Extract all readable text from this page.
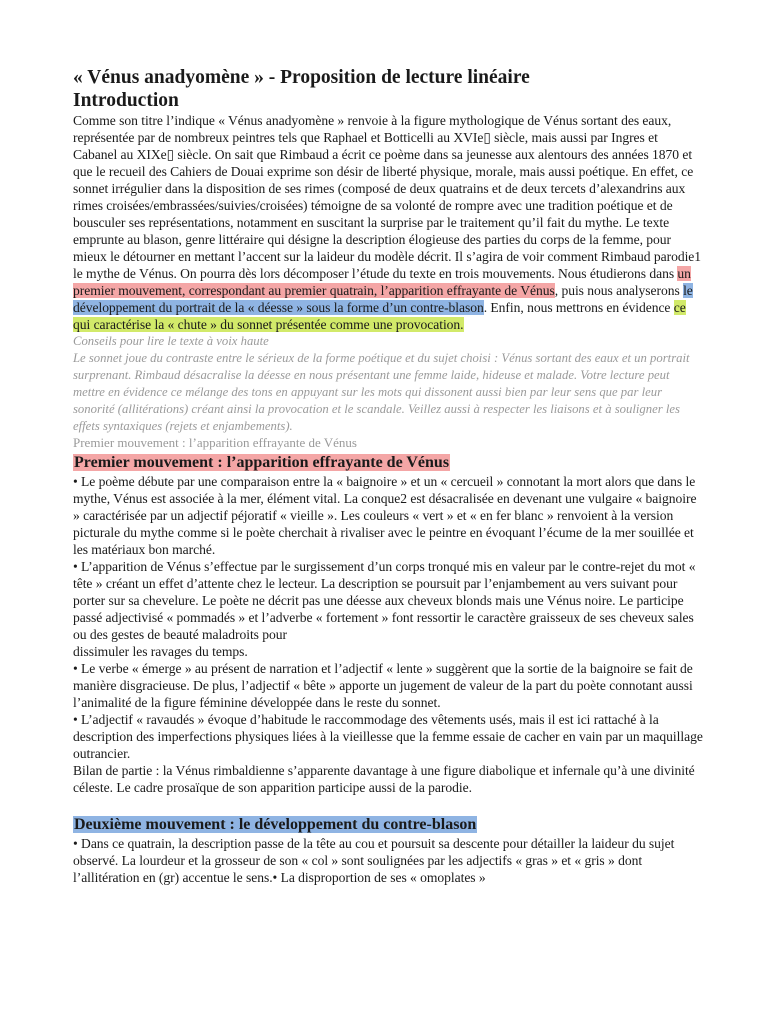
« Vénus anadyomène » - Proposition de lecture linéaire
Introduction

Comme son titre l’indique « Vénus anadyomène » renvoie à la figure mythologique de Vénus sortant des eaux, représentée par de nombreux peintres tels que Raphael et Botticelli au XVIe▯ siècle, mais aussi par Ingres et Cabanel au XIXe▯ siècle. On sait que Rimbaud a écrit ce poème dans sa jeunesse aux alentours des années 1870 et que le recueil des Cahiers de Douai exprime son désir de liberté physique, morale, mais aussi poétique. En effet, ce sonnet irrégulier dans la disposition de ses rimes (composé de deux quatrains et de deux tercets d’alexandrins aux rimes croisées/embrassées/suivies/croisées) témoigne de sa volonté de rompre avec une tradition poétique et de bousculer ses représentations, notamment en suscitant la surprise par le traitement qu’il fait du mythe. Le texte emprunte au blason, genre littéraire qui désigne la description élogieuse des parties du corps de la femme, pour mieux le détourner en mettant l’accent sur la laideur du modèle décrit. Il s’agira de voir comment Rimbaud parodie1 le mythe de Vénus. On pourra dès lors décomposer l’étude du texte en trois mouvements. Nous étudierons dans un premier mouvement, correspondant au premier quatrain, l’apparition effrayante de Vénus, puis nous analyserons le développement du portrait de la « déesse » sous la forme d’un contre-blason. Enfin, nous mettrons en évidence ce qui caractérise la « chute » du sonnet présentée comme une provocation.

Conseils pour lire le texte à voix haute

Le sonnet joue du contraste entre le sérieux de la forme poétique et du sujet choisi : Vénus sortant des eaux et un portrait surprenant. Rimbaud désacralise la déesse en nous présentant une femme laide, hideuse et malade. Votre lecture peut mettre en évidence ce mélange des tons en appuyant sur les mots qui dissonent aussi bien par leur sens que par leur sonorité (allitérations) créant ainsi la provocation et le scandale. Veillez aussi à respecter les liaisons et à souligner les effets syntaxiques (rejets et enjambements).

Premier mouvement : l’apparition effrayante de Vénus

Premier mouvement : l’apparition effrayante de Vénus

• Le poème débute par une comparaison entre la « baignoire » et un « cercueil » connotant la mort alors que dans le mythe, Vénus est associée à la mer, élément vital. La conque2 est désacralisée en devenant une vulgaire « baignoire » caractérisée par un adjectif péjoratif « vieille ». Les couleurs « vert » et « en fer blanc » renvoient à la version picturale du mythe comme si le poète cherchait à rivaliser avec le peintre en évoquant l’écume de la mer souillée et les matériaux bon marché.

• L’apparition de Vénus s’effectue par le surgissement d’un corps tronqué mis en valeur par le contre-rejet du mot « tête » créant un effet d’attente chez le lecteur. La description se poursuit par l’enjambement au vers suivant pour porter sur sa chevelure. Le poète ne décrit pas une déesse aux cheveux blonds mais une Vénus noire. Le participe passé adjectivisé « pommadés » et l’adverbe « fortement » font ressortir le caractère graisseux de ses cheveux sales ou des gestes de beauté maladroits pour

dissimuler les ravages du temps.

• Le verbe « émerge » au présent de narration et l’adjectif « lente » suggèrent que la sortie de la baignoire se fait de manière disgracieuse. De plus, l’adjectif « bête » apporte un jugement de valeur de la part du poète connotant aussi l’animalité de la figure féminine développée dans le reste du sonnet.

• L’adjectif « ravaudés » évoque d’habitude le raccommodage des vêtements usés, mais il est ici rattaché à la description des imperfections physiques liées à la vieillesse que la femme essaie de cacher en vain par un maquillage outrancier.

Bilan de partie : la Vénus rimbaldienne s’apparente davantage à une figure diabolique et infernale qu’à une divinité céleste. Le cadre prosaïque de son apparition participe aussi de la parodie.

Deuxième mouvement : le développement du contre-blason

• Dans ce quatrain, la description passe de la tête au cou et poursuit sa descente pour détailler la laideur du sujet observé. La lourdeur et la grosseur de son « col » sont soulignées par les adjectifs « gras » et « gris » dont l’allitération en (gr) accentue le sens.• La disproportion de ses « omoplates »
